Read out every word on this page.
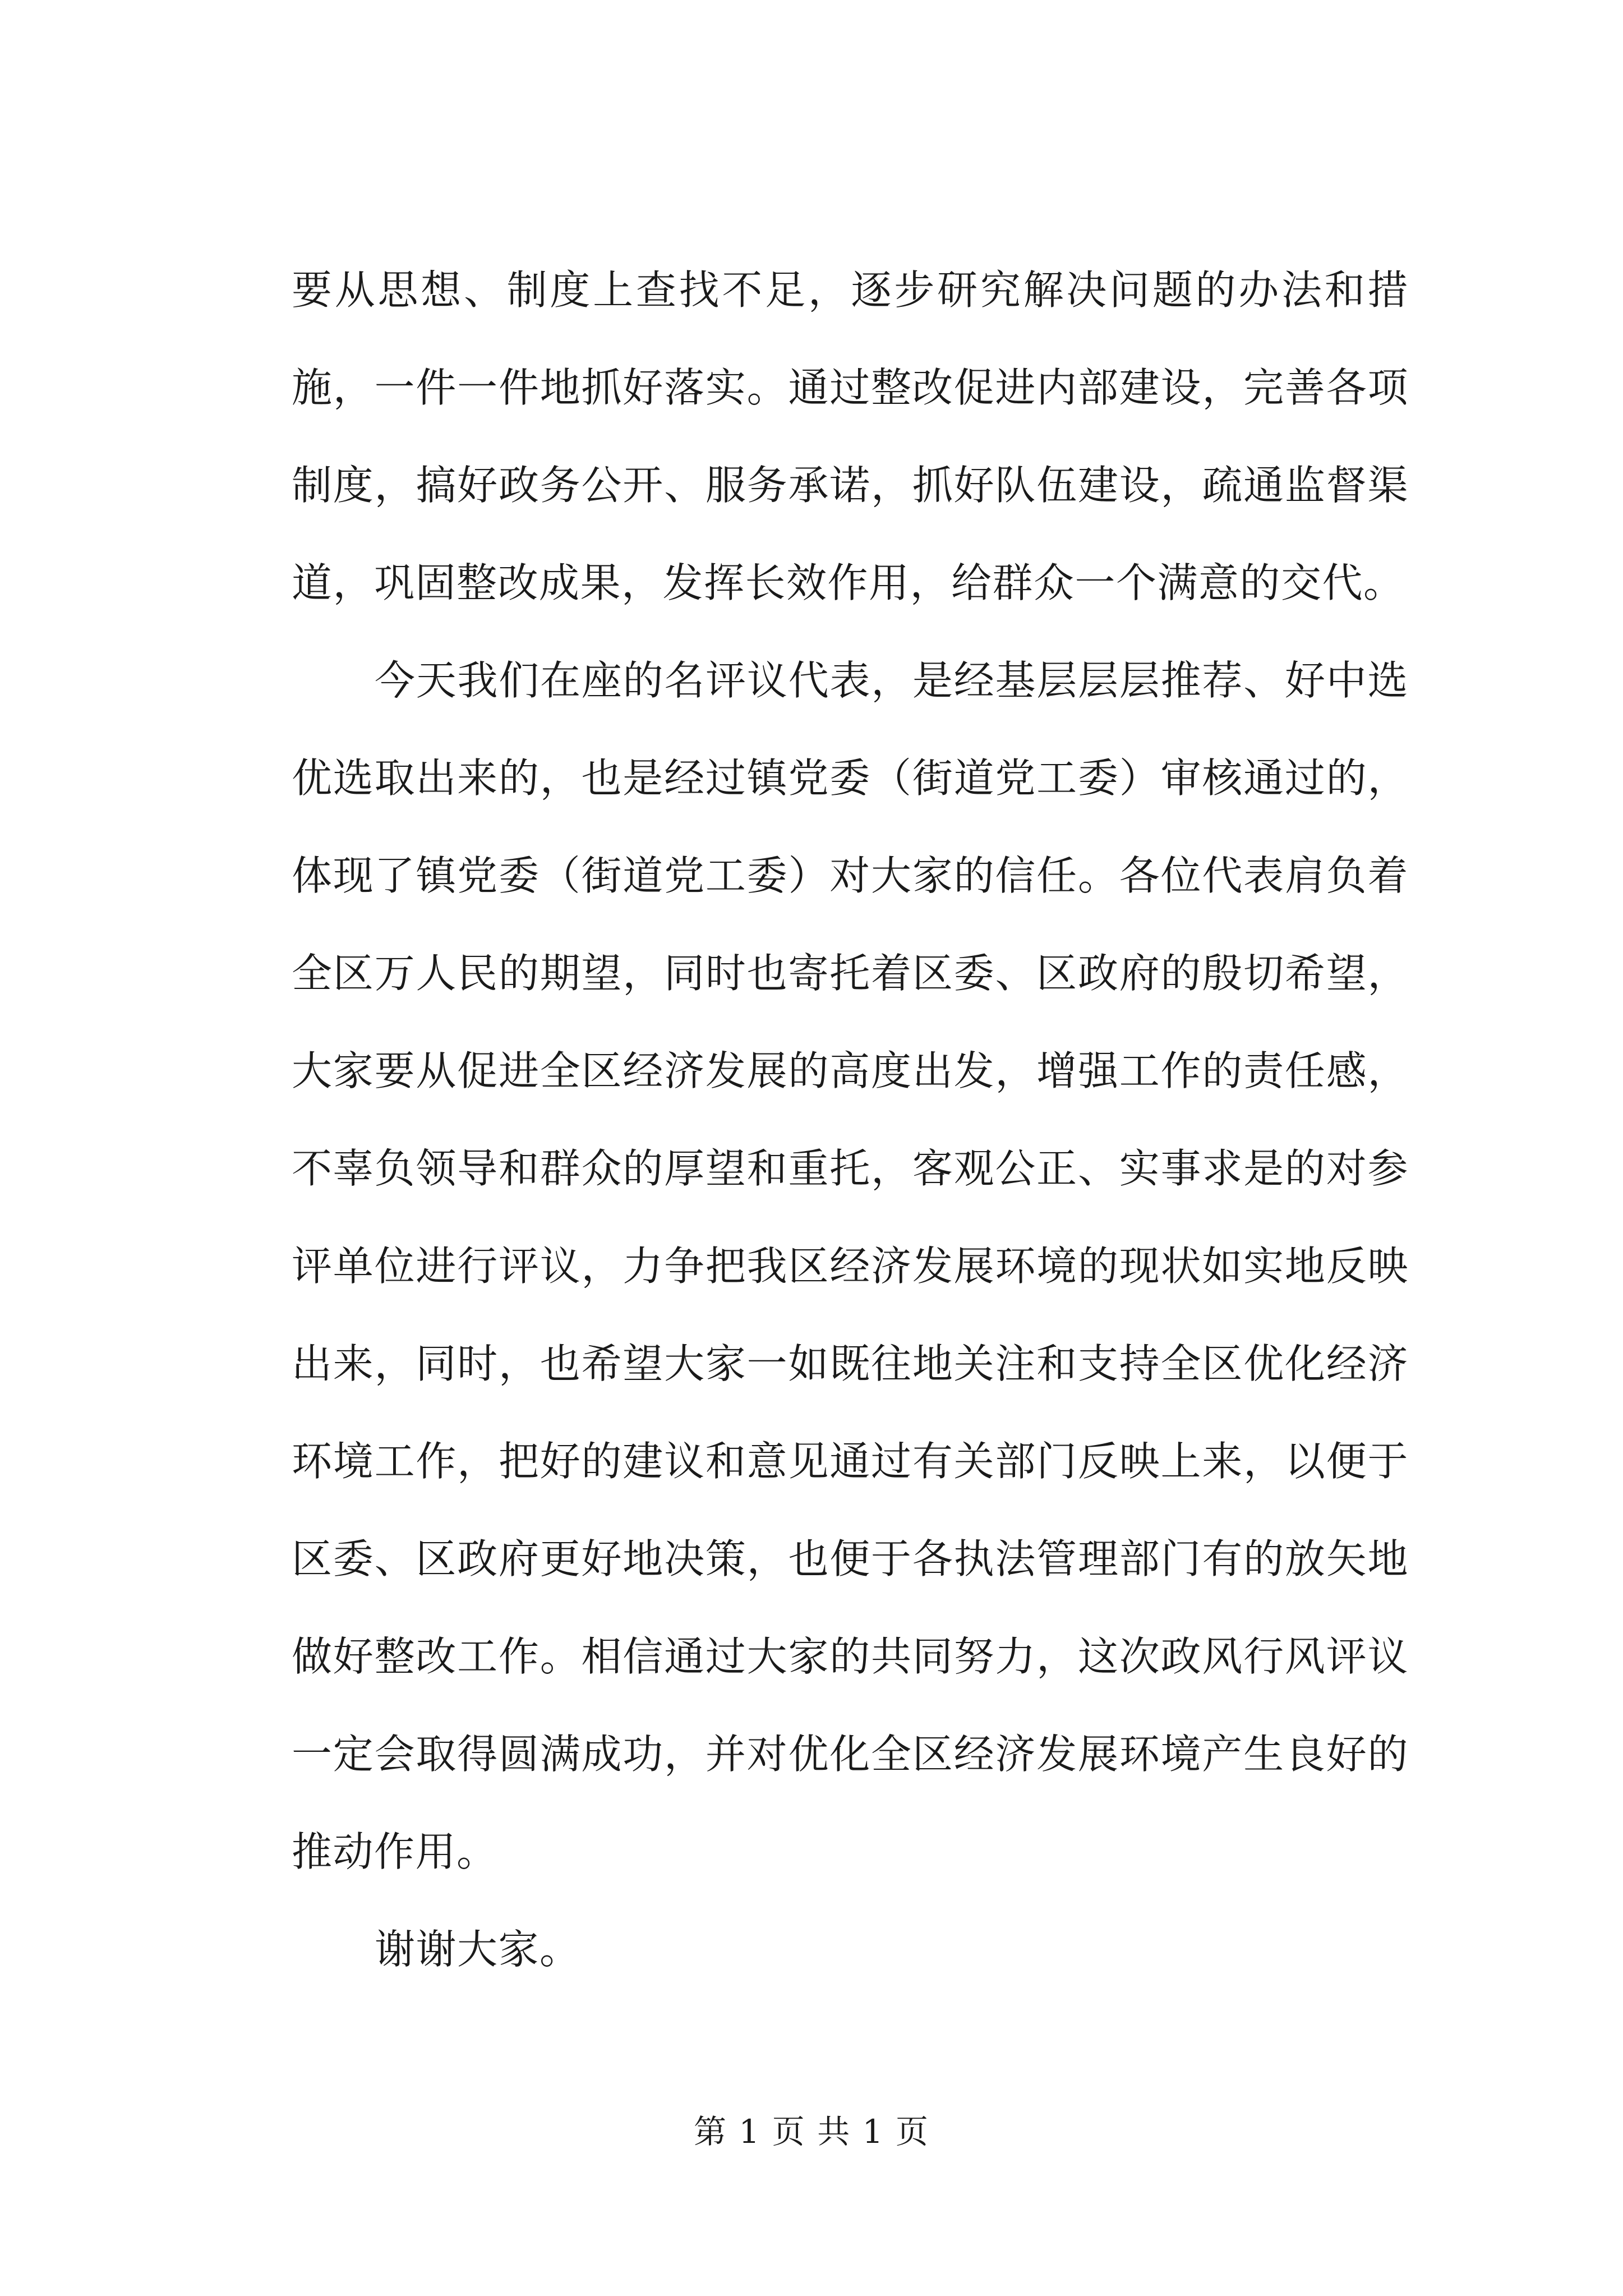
要从思想、制度上查找不足，逐步研究解决问题的办法和措施，一件一件地抓好落实。通过整改促进内部建设，完善各项制度，搞好政务公开、服务承诺，抓好队伍建设，疏通监督渠道，巩固整改成果，发挥长效作用，给群众一个满意的交代。

今天我们在座的名评议代表，是经基层层层推荐、好中选优选取出来的，也是经过镇党委（街道党工委）审核通过的，体现了镇党委（街道党工委）对大家的信任。各位代表肩负着全区万人民的期望，同时也寄托着区委、区政府的殷切希望，大家要从促进全区经济发展的高度出发，增强工作的责任感，不辜负领导和群众的厚望和重托，客观公正、实事求是的对参评单位进行评议，力争把我区经济发展环境的现状如实地反映出来，同时，也希望大家一如既往地关注和支持全区优化经济环境工作，把好的建议和意见通过有关部门反映上来，以便于区委、区政府更好地决策，也便于各执法管理部门有的放矢地做好整改工作。相信通过大家的共同努力，这次政风行风评议一定会取得圆满成功，并对优化全区经济发展环境产生良好的推动作用。

谢谢大家。

第 1 页 共 1 页
